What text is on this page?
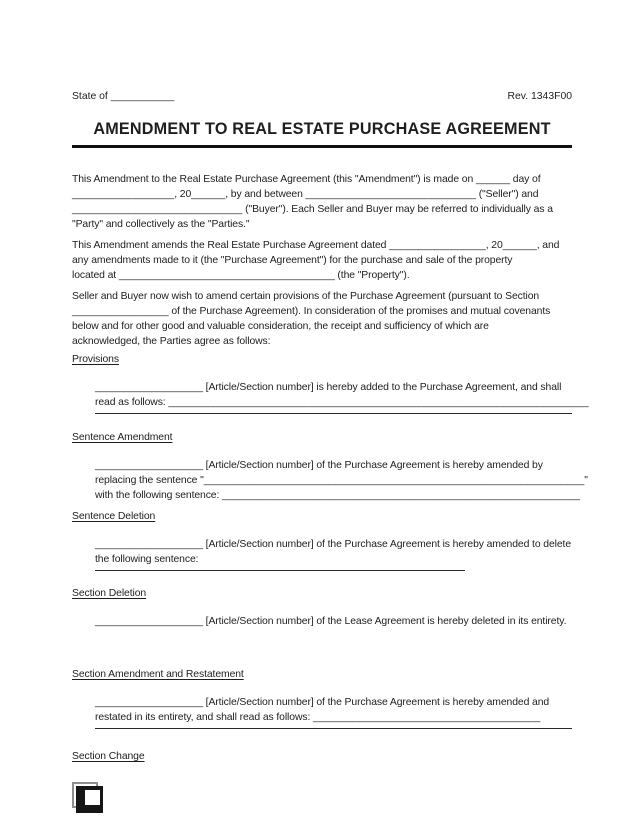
State of ___________	Rev. 1343F00
AMENDMENT TO REAL ESTATE PURCHASE AGREEMENT
This Amendment to the Real Estate Purchase Agreement (this "Amendment") is made on ______ day of
__________________, 20______, by and between ______________________________ ("Seller") and
______________________________ ("Buyer"). Each Seller and Buyer may be referred to individually as a
"Party" and collectively as the "Parties."
This Amendment amends the Real Estate Purchase Agreement dated _________________, 20______, and
any amendments made to it (the "Purchase Agreement") for the purchase and sale of the property
located at ______________________________________ (the "Property").
Seller and Buyer now wish to amend certain provisions of the Purchase Agreement (pursuant to Section
_________________ of the Purchase Agreement). In consideration of the promises and mutual covenants
below and for other good and valuable consideration, the receipt and sufficiency of which are
acknowledged, the Parties agree as follows:
Provisions
___________________ [Article/Section number] is hereby added to the Purchase Agreement, and shall
read as follows: __________________________________________________________________________
Sentence Amendment
___________________ [Article/Section number] of the Purchase Agreement is hereby amended by
replacing the sentence "___________________________________________________________________"
with the following sentence: _______________________________________________________________
Sentence Deletion
___________________ [Article/Section number] of the Purchase Agreement is hereby amended to delete
the following sentence:
Section Deletion
___________________ [Article/Section number] of the Lease Agreement is hereby deleted in its entirety.
Section Amendment and Restatement
___________________ [Article/Section number] of the Purchase Agreement is hereby amended and
restated in its entirety, and shall read as follows: ________________________________________
Section Change
